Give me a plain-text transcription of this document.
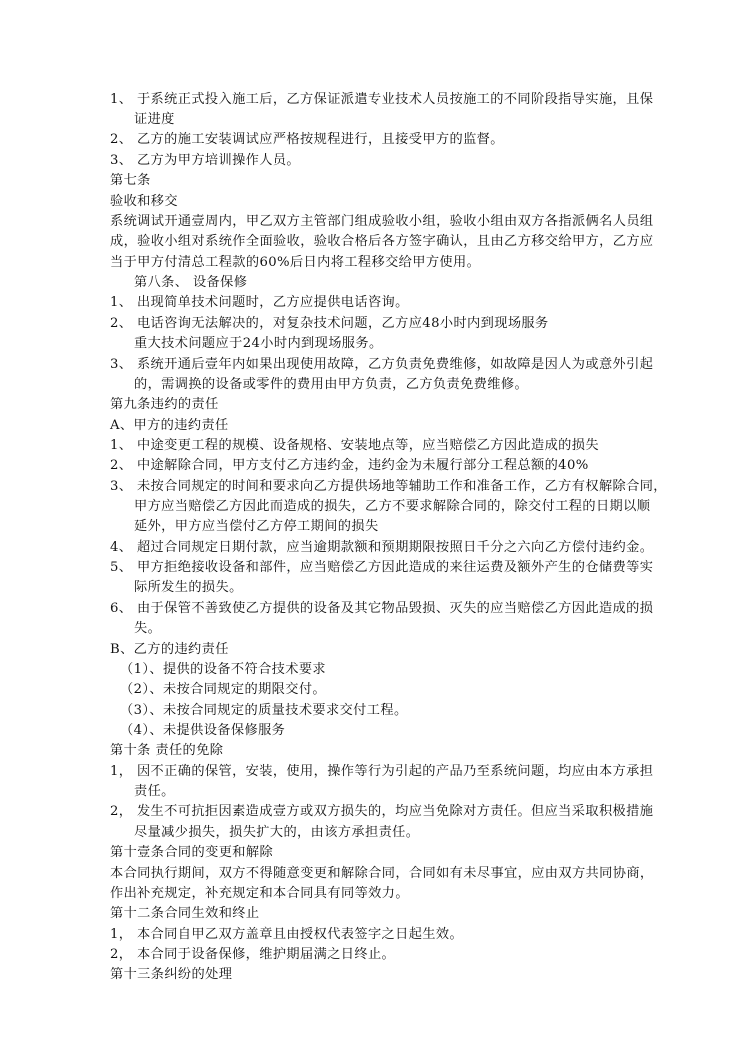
1、 于系统正式投入施工后，乙方保证派遣专业技术人员按施工的不同阶段指导实施，且保
证进度
2、 乙方的施工安装调试应严格按规程进行，且接受甲方的监督。
3、 乙方为甲方培训操作人员。
第七条
验收和移交
系统调试开通壹周内，甲乙双方主管部门组成验收小组，验收小组由双方各指派俩名人员组
成，验收小组对系统作全面验收，验收合格后各方签字确认，且由乙方移交给甲方，乙方应
当于甲方付清总工程款的60%后日内将工程移交给甲方使用。
第八条、 设备保修
1、 出现简单技术问题时，乙方应提供电话咨询。
2、 电话咨询无法解决的，对复杂技术问题，乙方应48小时内到现场服务
重大技术问题应于24小时内到现场服务。
3、 系统开通后壹年内如果出现使用故障，乙方负责免费维修，如故障是因人为或意外引起
的，需调换的设备或零件的费用由甲方负责，乙方负责免费维修。
第九条违约的责任
A、甲方的违约责任
1、 中途变更工程的规模、设备规格、安装地点等，应当赔偿乙方因此造成的损失
2、 中途解除合同，甲方支付乙方违约金，违约金为未履行部分工程总额的40%
3、 未按合同规定的时间和要求向乙方提供场地等辅助工作和准备工作，乙方有权解除合同，
甲方应当赔偿乙方因此而造成的损失，乙方不要求解除合同的，除交付工程的日期以顺
延外，甲方应当偿付乙方停工期间的损失
4、 超过合同规定日期付款，应当逾期款额和预期期限按照日千分之六向乙方偿付违约金。
5、 甲方拒绝接收设备和部件，应当赔偿乙方因此造成的来往运费及额外产生的仓储费等实
际所发生的损失。
6、 由于保管不善致使乙方提供的设备及其它物品毁损、灭失的应当赔偿乙方因此造成的损
失。
B、乙方的违约责任
（1）、提供的设备不符合技术要求
（2）、未按合同规定的期限交付。
（3）、未按合同规定的质量技术要求交付工程。
（4）、未提供设备保修服务
第十条 责任的免除
1， 因不正确的保管，安装，使用，操作等行为引起的产品乃至系统问题，均应由本方承担
责任。
2， 发生不可抗拒因素造成壹方或双方损失的，均应当免除对方责任。但应当采取积极措施
尽量减少损失，损失扩大的，由该方承担责任。
第十壹条合同的变更和解除
本合同执行期间，双方不得随意变更和解除合同，合同如有未尽事宜，应由双方共同协商，
作出补充规定，补充规定和本合同具有同等效力。
第十二条合同生效和终止
1， 本合同自甲乙双方盖章且由授权代表签字之日起生效。
2， 本合同于设备保修，维护期届满之日终止。
第十三条纠纷的处理
